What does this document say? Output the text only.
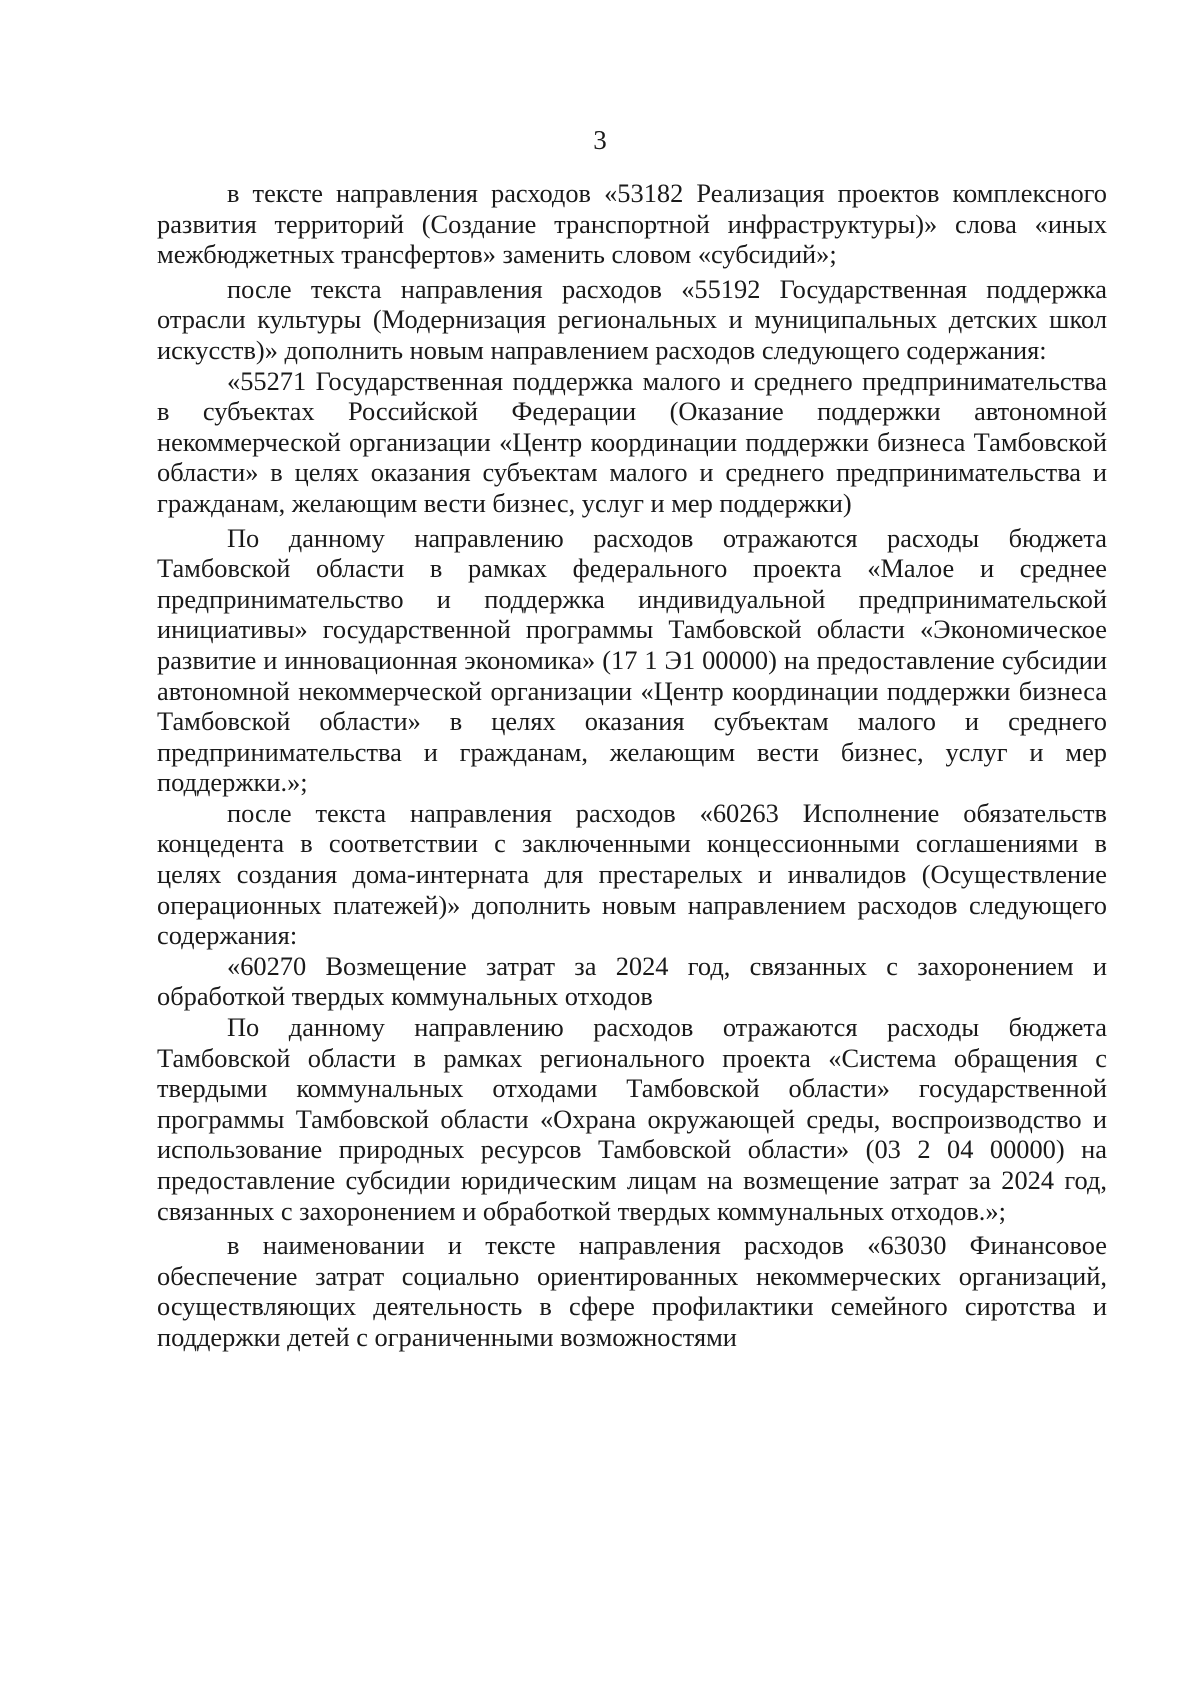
3

в тексте направления расходов «53182 Реализация проектов комплексного развития территорий (Создание транспортной инфраструктуры)» слова «иных межбюджетных трансфертов» заменить словом «субсидий»;

после текста направления расходов «55192 Государственная поддержка отрасли культуры (Модернизация региональных и муниципальных детских школ искусств)» дополнить новым направлением расходов следующего содержания:

«55271 Государственная поддержка малого и среднего предпринимательства в субъектах Российской Федерации (Оказание поддержки автономной некоммерческой организации «Центр координации поддержки бизнеса Тамбовской области» в целях оказания субъектам малого и среднего предпринимательства и гражданам, желающим вести бизнес, услуг и мер поддержки)

По данному направлению расходов отражаются расходы бюджета Тамбовской области в рамках федерального проекта «Малое и среднее предпринимательство и поддержка индивидуальной предпринимательской инициативы» государственной программы Тамбовской области «Экономическое развитие и инновационная экономика» (17 1 Э1 00000) на предоставление субсидии автономной некоммерческой организации «Центр координации поддержки бизнеса Тамбовской области» в целях оказания субъектам малого и среднего предпринимательства и гражданам, желающим вести бизнес, услуг и мер поддержки.»;

после текста направления расходов «60263 Исполнение обязательств концедента в соответствии с заключенными концессионными соглашениями в целях создания дома-интерната для престарелых и инвалидов (Осуществление операционных платежей)» дополнить новым направлением расходов следующего содержания:

«60270 Возмещение затрат за 2024 год, связанных с захоронением и обработкой твердых коммунальных отходов

По данному направлению расходов отражаются расходы бюджета Тамбовской области в рамках регионального проекта «Система обращения с твердыми коммунальных отходами Тамбовской области» государственной программы Тамбовской области «Охрана окружающей среды, воспроизводство и использование природных ресурсов Тамбовской области» (03 2 04 00000) на предоставление субсидии юридическим лицам на возмещение затрат за 2024 год, связанных с захоронением и обработкой твердых коммунальных отходов.»;

в наименовании и тексте направления расходов «63030 Финансовое обеспечение затрат социально ориентированных некоммерческих организаций, осуществляющих деятельность в сфере профилактики семейного сиротства и поддержки детей с ограниченными возможностями
